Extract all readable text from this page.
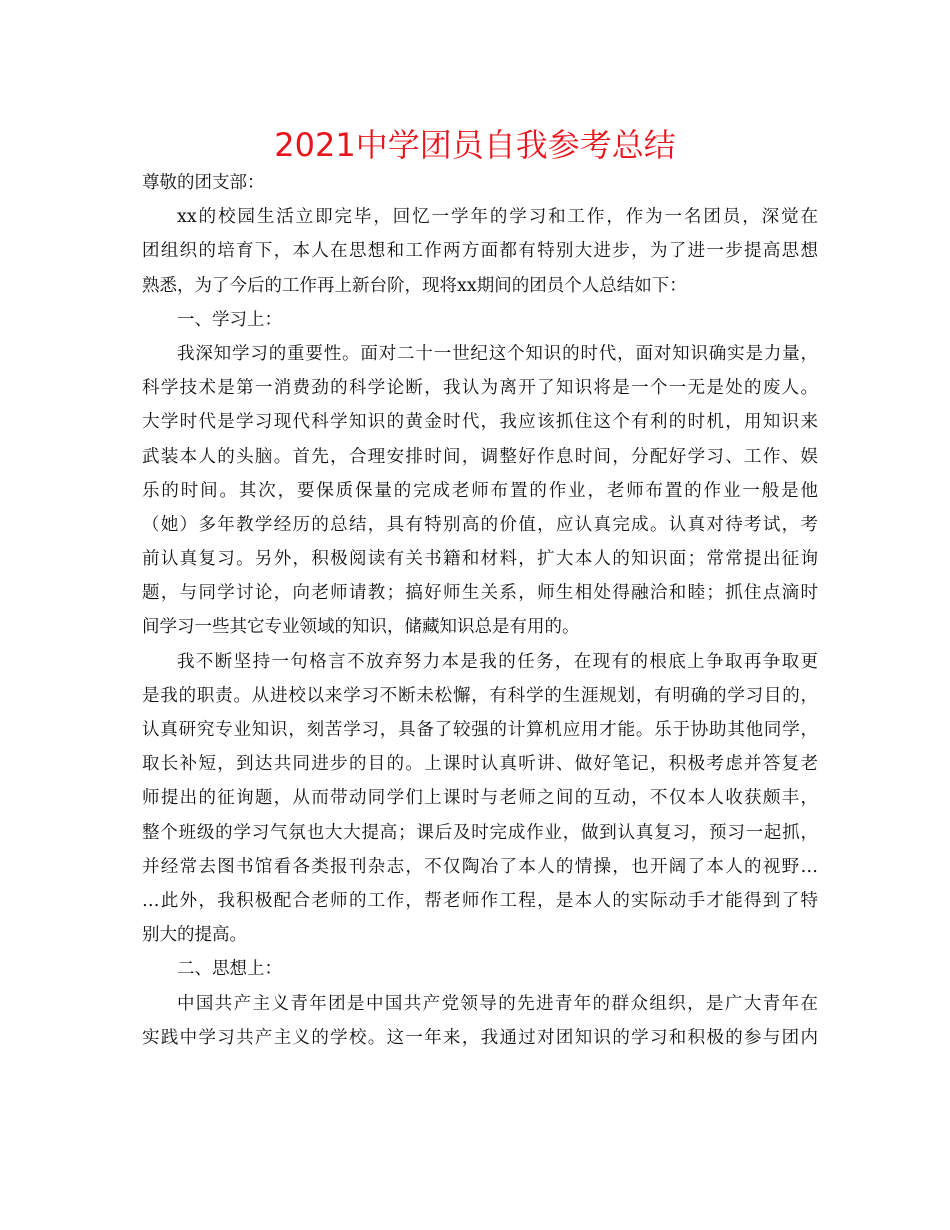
2021中学团员自我参考总结
尊敬的团支部：
xx的校园生活立即完毕，回忆一学年的学习和工作，作为一名团员，深觉在
团组织的培育下，本人在思想和工作两方面都有特别大进步，为了进一步提高思想
熟悉，为了今后的工作再上新台阶，现将xx期间的团员个人总结如下：
一、学习上：
我深知学习的重要性。面对二十一世纪这个知识的时代，面对知识确实是力量，
科学技术是第一消费劲的科学论断，我认为离开了知识将是一个一无是处的废人。
大学时代是学习现代科学知识的黄金时代，我应该抓住这个有利的时机，用知识来
武装本人的头脑。首先，合理安排时间，调整好作息时间，分配好学习、工作、娱
乐的时间。其次，要保质保量的完成老师布置的作业，老师布置的作业一般是他
（她）多年教学经历的总结，具有特别高的价值，应认真完成。认真对待考试，考
前认真复习。另外，积极阅读有关书籍和材料，扩大本人的知识面；常常提出征询
题，与同学讨论，向老师请教；搞好师生关系，师生相处得融洽和睦；抓住点滴时
间学习一些其它专业领域的知识，储藏知识总是有用的。
我不断坚持一句格言不放弃努力本是我的任务，在现有的根底上争取再争取更
是我的职责。从进校以来学习不断未松懈，有科学的生涯规划，有明确的学习目的，
认真研究专业知识，刻苦学习，具备了较强的计算机应用才能。乐于协助其他同学，
取长补短，到达共同进步的目的。上课时认真听讲、做好笔记，积极考虑并答复老
师提出的征询题，从而带动同学们上课时与老师之间的互动，不仅本人收获颇丰，
整个班级的学习气氛也大大提高；课后及时完成作业，做到认真复习，预习一起抓，
并经常去图书馆看各类报刊杂志，不仅陶冶了本人的情操，也开阔了本人的视野…
…此外，我积极配合老师的工作，帮老师作工程，是本人的实际动手才能得到了特
别大的提高。
二、思想上：
中国共产主义青年团是中国共产党领导的先进青年的群众组织，是广大青年在
实践中学习共产主义的学校。这一年来，我通过对团知识的学习和积极的参与团内
